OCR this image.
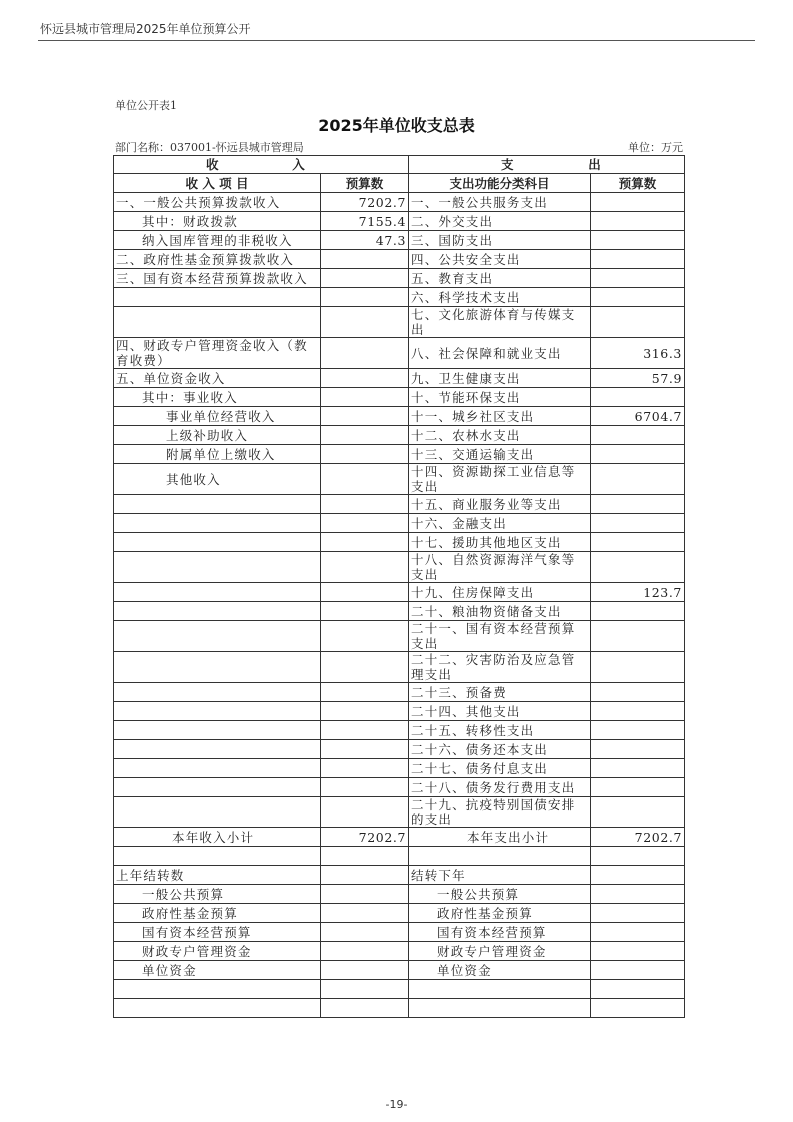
怀远县城市管理局2025年单位预算公开
单位公开表1
2025年单位收支总表
部门名称：037001-怀远县城市管理局	单位：万元
收 入		支 出	

收 入 项 目	预算数	支出功能分类科目	预算数
一、一般公共预算拨款收入	7202.7	一、一般公共服务支出	
其中：财政拨款	7155.4	二、外交支出	
纳入国库管理的非税收入	47.3	三、国防支出	
二、政府性基金预算拨款收入		四、公共安全支出	
三、国有资本经营预算拨款收入		五、教育支出	
		六、科学技术支出	
		七、文化旅游体育与传媒支出	
四、财政专户管理资金收入（教育收费）		八、社会保障和就业支出	316.3
五、单位资金收入		九、卫生健康支出	57.9
其中：事业收入		十、节能环保支出	
事业单位经营收入		十一、城乡社区支出	6704.7
上级补助收入		十二、农林水支出	
附属单位上缴收入		十三、交通运输支出	
其他收入		十四、资源勘探工业信息等支出	
		十五、商业服务业等支出	
		十六、金融支出	
		十七、援助其他地区支出	
		十八、自然资源海洋气象等支出	
		十九、住房保障支出	123.7
		二十、粮油物资储备支出	
		二十一、国有资本经营预算支出	
		二十二、灾害防治及应急管理支出	
		二十三、预备费	
		二十四、其他支出	
		二十五、转移性支出	
		二十六、债务还本支出	
		二十七、债务付息支出	
		二十八、债务发行费用支出	
		二十九、抗疫特别国债安排的支出	
本年收入小计	7202.7	本年支出小计	7202.7

上年结转数		结转下年	
一般公共预算		一般公共预算	
政府性基金预算		政府性基金预算	
国有资本经营预算		国有资本经营预算	
财政专户管理资金		财政专户管理资金	
单位资金		单位资金	

-19-
